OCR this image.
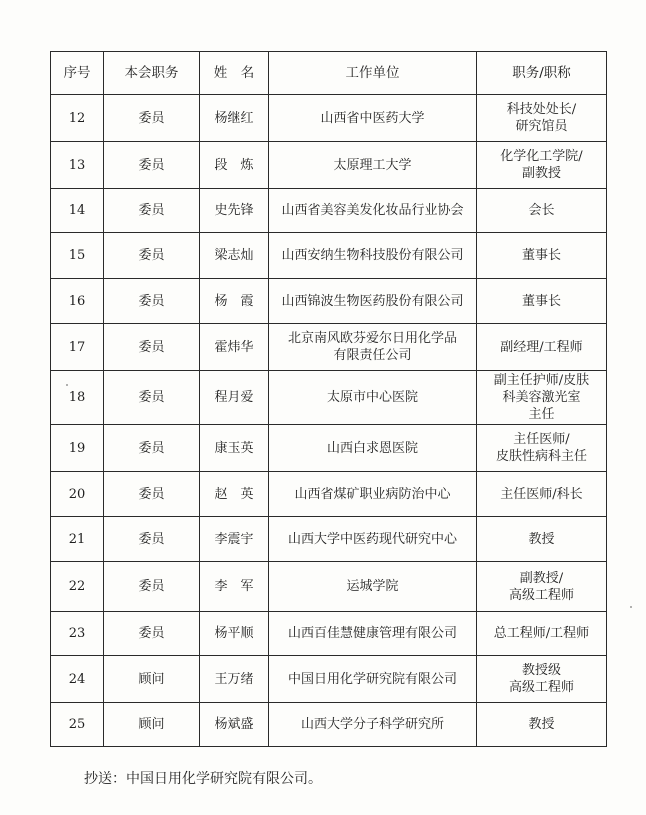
序号	本会职务	姓　名	工作单位	职务/职称
12	委员	杨继红	山西省中医药大学	科技处处长/
研究馆员

13	委员	段　炼	太原理工大学	化学化工学院/
副教授

14	委员	史先锋	山西省美容美发化妆品行业协会	会长

15	委员	梁志灿	山西安纳生物科技股份有限公司	董事长

16	委员	杨　霞	山西锦波生物医药股份有限公司	董事长

17	委员	霍炜华	北京南风欧芬爱尔日用化学品
有限责任公司	副经理/工程师

18	委员	程月爱	太原市中心医院	副主任护师/皮肤
科美容激光室
主任

19	委员	康玉英	山西白求恩医院	主任医师/
皮肤性病科主任

20	委员	赵　英	山西省煤矿职业病防治中心	主任医师/科长

21	委员	李震宇	山西大学中医药现代研究中心	教授

22	委员	李　军	运城学院	副教授/
高级工程师

23	委员	杨平顺	山西百佳慧健康管理有限公司	总工程师/工程师

24	顾问	王万绪	中国日用化学研究院有限公司	教授级
高级工程师

25	顾问	杨斌盛	山西大学分子科学研究所	教授
抄送：中国日用化学研究院有限公司。
